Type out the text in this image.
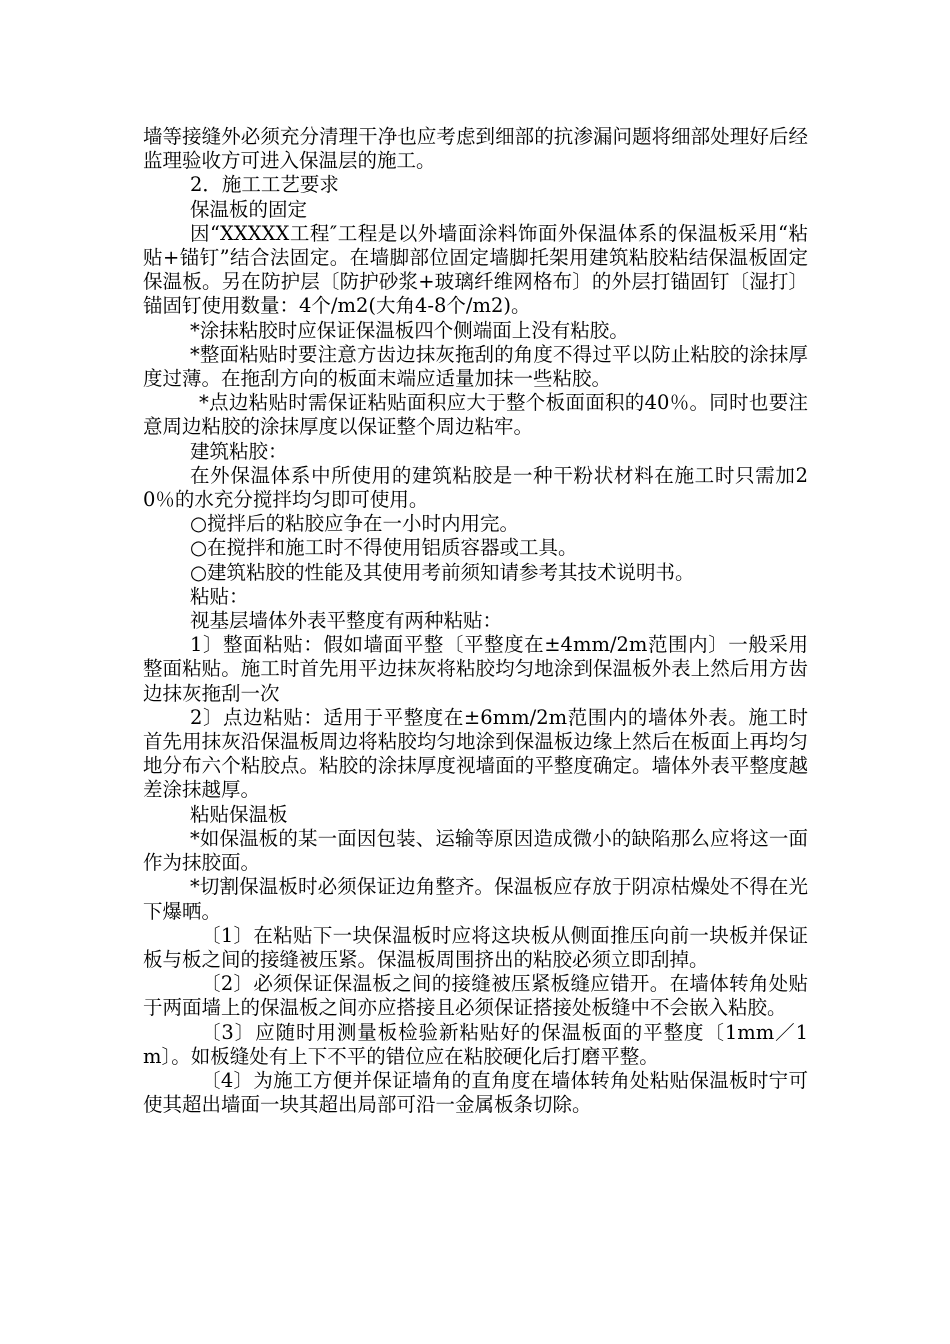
墙等接缝外必须充分清理干净也应考虑到细部的抗渗漏问题将细部处理好后经监理验收方可进入保温层的施工。

2．施工工艺要求

保温板的固定

因“XXXXX工程″工程是以外墙面涂料饰面外保温体系的保温板采用“粘贴+锚钉”结合法固定。在墙脚部位固定墙脚托架用建筑粘胶粘结保温板固定保温板。另在防护层〔防护砂浆+玻璃纤维网格布〕的外层打锚固钉〔湿打〕锚固钉使用数量：4个/m2(大角4-8个/m2)。

*涂抹粘胶时应保证保温板四个侧端面上没有粘胶。

*整面粘贴时要注意方齿边抹灰拖刮的角度不得过平以防止粘胶的涂抹厚度过薄。在拖刮方向的板面末端应适量加抹一些粘胶。

*点边粘贴时需保证粘贴面积应大于整个板面面积的40％。同时也要注意周边粘胶的涂抹厚度以保证整个周边粘牢。

建筑粘胶：

在外保温体系中所使用的建筑粘胶是一种干粉状材料在施工时只需加20％的水充分搅拌均匀即可使用。

○搅拌后的粘胶应争在一小时内用完。

○在搅拌和施工时不得使用铝质容器或工具。

○建筑粘胶的性能及其使用考前须知请参考其技术说明书。

粘贴：

视基层墙体外表平整度有两种粘贴：

1〕整面粘贴：假如墙面平整〔平整度在±4mm/2m范围内〕一般采用整面粘贴。施工时首先用平边抹灰将粘胶均匀地涂到保温板外表上然后用方齿边抹灰拖刮一次

2〕点边粘贴：适用于平整度在±6mm/2m范围内的墙体外表。施工时首先用抹灰沿保温板周边将粘胶均匀地涂到保温板边缘上然后在板面上再均匀地分布六个粘胶点。粘胶的涂抹厚度视墙面的平整度确定。墙体外表平整度越差涂抹越厚。

粘贴保温板

*如保温板的某一面因包装、运输等原因造成微小的缺陷那么应将这一面作为抹胶面。

*切割保温板时必须保证边角整齐。保温板应存放于阴凉枯燥处不得在光下爆晒。

〔1〕在粘贴下一块保温板时应将这块板从侧面推压向前一块板并保证板与板之间的接缝被压紧。保温板周围挤出的粘胶必须立即刮掉。

〔2〕必须保证保温板之间的接缝被压紧板缝应错开。在墙体转角处贴于两面墙上的保温板之间亦应搭接且必须保证搭接处板缝中不会嵌入粘胶。

〔3〕应随时用测量板检验新粘贴好的保温板面的平整度〔1mm／1m〕。如板缝处有上下不平的错位应在粘胶硬化后打磨平整。

〔4〕为施工方便并保证墙角的直角度在墙体转角处粘贴保温板时宁可使其超出墙面一块其超出局部可沿一金属板条切除。
